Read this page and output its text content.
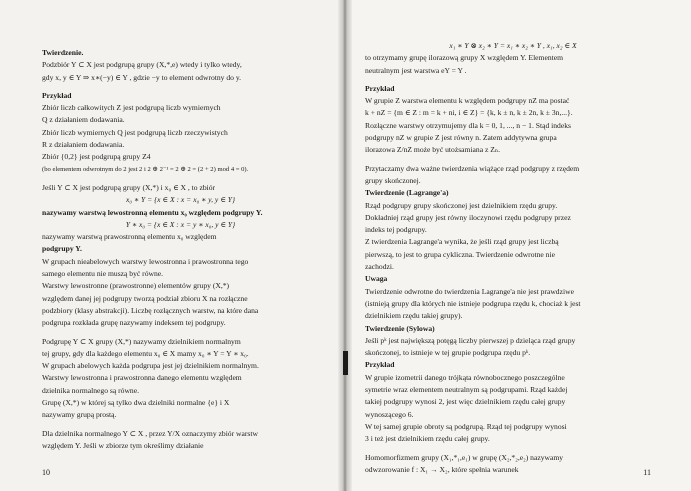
Twierdzenie.

Podzbiór Y ⊂ X jest podgrupą grupy (X,*,e) wtedy i tylko wtedy,

gdy x, y ∈ Y ⇒ x∗(−y) ∈ Y , gdzie −y to element odwrotny do y.

Przykład

Zbiór liczb całkowitych Z jest podgrupą liczb wymiernych

Q z działaniem dodawania.

Zbiór liczb wymiernych Q jest podgrupą liczb rzeczywistych

R z działaniem dodawania.

Zbiór {0,2} jest podgrupą grupy Z4

(bo elementem odwrotnym do 2 jest 2 i 2 ⊕ 2⁻¹ = 2 ⊕ 2 = (2 + 2) mod 4 = 0).

Jeśli Y ⊂ X jest podgrupą grupy (X,*) i x₀ ∈ X , to zbiór

x₀ ∗ Y = {x ∈ X : x = x₀ ∗ y, y ∈ Y}

nazywamy warstwą lewostronną elementu x₀ względem podgrupy Y.

Y ∗ x₀ = {x ∈ X : x = y ∗ x₀, y ∈ Y}

nazywamy warstwą prawostronną elementu x₀ względem

podgrupy Y.

W grupach nieabelowych warstwy lewostronna i prawostronna tego

samego elementu nie muszą być równe.

Warstwy lewostronne (prawostronne) elementów grupy (X,*)

względem danej jej podgrupy tworzą podział zbioru X na rozłączne

podzbiory (klasy abstrakcji). Liczbę rozłącznych warstw, na które dana

podgrupa rozkłada grupę nazywamy indeksem tej podgrupy.

Podgrupę Y ⊂ X grupy (X,*) nazywamy dzielnikiem normalnym

tej grupy, gdy dla każdego elementu x₀ ∈ X mamy x₀ ∗ Y = Y ∗ x₀.

W grupach abelowych każda podgrupa jest jej dzielnikiem normalnym.

Warstwy lewostronna i prawostronna danego elementu względem

dzielnika normalnego są równe.

Grupę (X,*) w której są tylko dwa dzielniki normalne {e} i X

nazywamy grupą prostą.

Dla dzielnika normalnego Y ⊂ X , przez Y/X oznaczymy zbiór warstw

względem Y. Jeśli w zbiorze tym określimy działanie

x₁ ∗ Y ⊗ x₂ ∗ Y = x₁ ∗ x₂ ∗ Y , x₁, x₂ ∈ X

to otrzymamy grupę ilorazową grupy X względem Y. Elementem

neutralnym jest warstwa eY = Y .

Przykład

W grupie Z warstwa elementu k względem podgrupy nZ ma postać

k + nZ = {m ∈ Z : m = k + ni, i ∈ Z} = {k, k ± n, k ± 2n, k ± 3n,...}.

Rozłączne warstwy otrzymujemy dla k = 0, 1, ..., n − 1. Stąd indeks

podgrupy nZ w grupie Z jest równy n. Zatem addytywna grupa

ilorazowa Z/nZ może być utożsamiana z Zₙ.

Przytaczamy dwa ważne twierdzenia wiążące rząd podgrupy z rzędem

grupy skończonej.

Twierdzenie (Lagrange'a)

Rząd podgrupy grupy skończonej jest dzielnikiem rzędu grupy.

Dokładniej rząd grupy jest równy iloczynowi rzędu podgrupy przez

indeks tej podgrupy.

Z twierdzenia Lagrange'a wynika, że jeśli rząd grupy jest liczbą

pierwszą, to jest to grupa cykliczna. Twierdzenie odwrotne nie

zachodzi.

Uwaga

Twierdzenie odwrotne do twierdzenia Lagrange'a nie jest prawdziwe

(istnieją grupy dla których nie istnieje podgrupa rzędu k, chociaż k jest

dzielnikiem rzędu takiej grupy).

Twierdzenie (Sylowa)

Jeśli pᵏ jest największą potęgą liczby pierwszej p dzieląca rząd grupy

skończonej, to istnieje w tej grupie podgrupa rzędu pᵏ.

Przykład

W grupie izometrii danego trójkąta równobocznego poszczególne

symetrie wraz elementem neutralnym są podgrupami. Rząd każdej

takiej podgrupy wynosi 2, jest więc dzielnikiem rzędu całej grupy

wynoszącego 6.

W tej samej grupie obroty są podgrupą. Rząd tej podgrupy wynosi

3 i też jest dzielnikiem rzędu całej grupy.

Homomorfizmem grupy (X₁,*₁,e₁) w grupę (X₂,*₂,e₂) nazywamy

odwzorowanie f : X₁ → X₂, które spełnia warunek

10	11
